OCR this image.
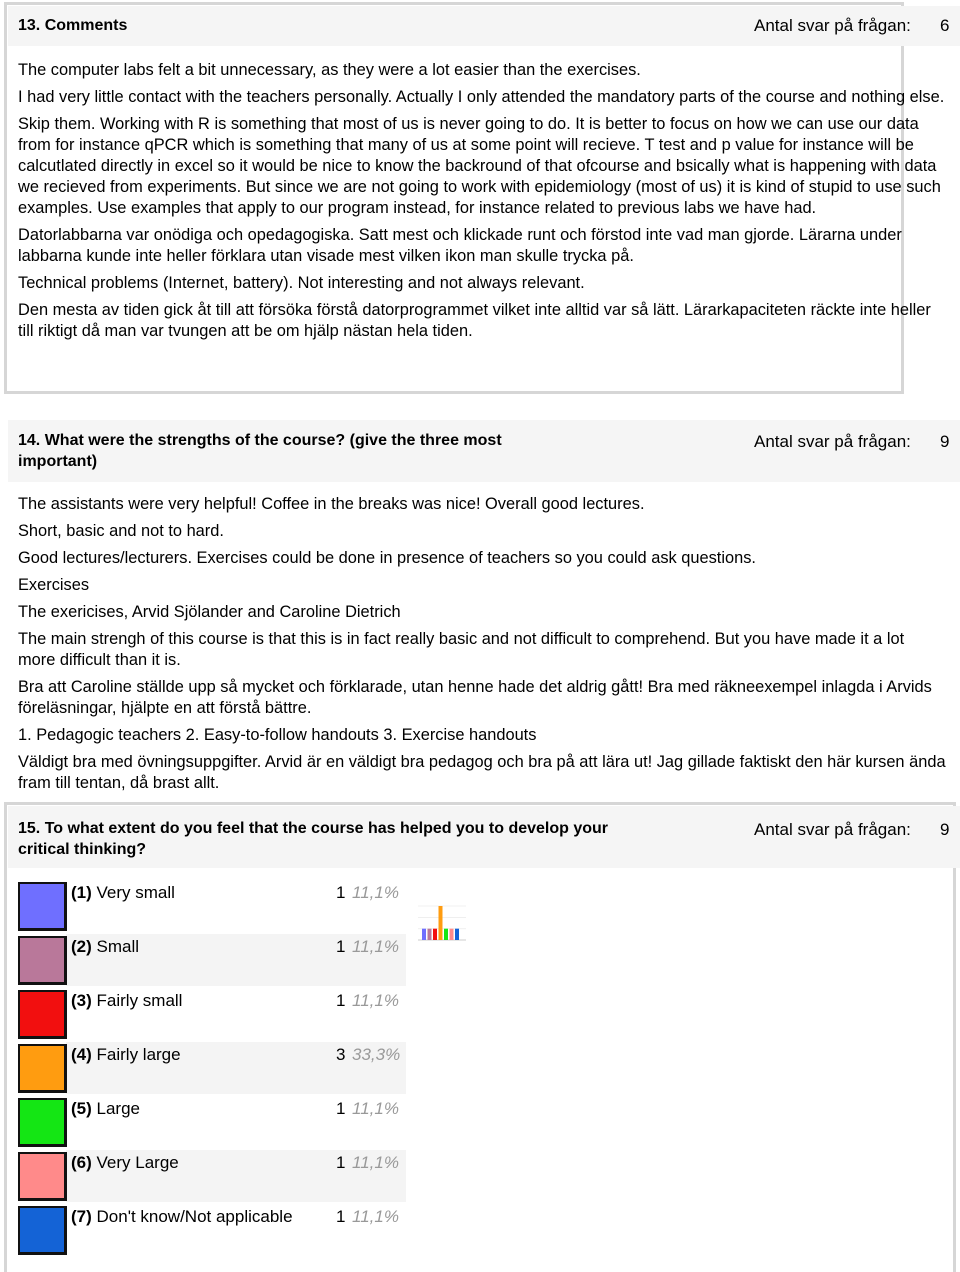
13. Comments	Antal svar på frågan: 6
The computer labs felt a bit unnecessary, as they were a lot easier than the exercises.
I had very little contact with the teachers personally. Actually I only attended the mandatory parts of the course and nothing else.
Skip them. Working with R is something that most of us is never going to do. It is better to focus on how we can use our data from for instance qPCR which is something that many of us at some point will recieve. T test and p value for instance will be calcutlated directly in excel so it would be nice to know the backround of that ofcourse and bsically what is happening with data we recieved from experiments. But since we are not going to work with epidemiology (most of us) it is kind of stupid to use such examples. Use examples that apply to our program instead, for instance related to previous labs we have had.
Datorlabbarna var onödiga och opedagogiska. Satt mest och klickade runt och förstod inte vad man gjorde. Lärarna under labbarna kunde inte heller förklara utan visade mest vilken ikon man skulle trycka på.
Technical problems (Internet, battery). Not interesting and not always relevant.
Den mesta av tiden gick åt till att försöka förstå datorprogrammet vilket inte alltid var så lätt. Lärarkapaciteten räckte inte heller till riktigt då man var tvungen att be om hjälp nästan hela tiden.
14. What were the strengths of the course? (give the three most important)
Antal svar på frågan: 9
The assistants were very helpful! Coffee in the breaks was nice! Overall good lectures.
Short, basic and not to hard.
Good lectures/lecturers. Exercises could be done in presence of teachers so you could ask questions.
Exercises
The exericises, Arvid Sjölander and Caroline Dietrich
The main strengh of this course is that this is in fact really basic and not difficult to comprehend. But you have made it a lot more difficult than it is.
Bra att Caroline ställde upp så mycket och förklarade, utan henne hade det aldrig gått! Bra med räkneexempel inlagda i Arvids föreläsningar, hjälpte en att förstå bättre.
1. Pedagogic teachers 2. Easy-to-follow handouts 3. Exercise handouts
Väldigt bra med övningsuppgifter. Arvid är en väldigt bra pedagog och bra på att lära ut! Jag gillade faktiskt den här kursen ända fram till tentan, då brast allt.
15. To what extent do you feel that the course has helped you to develop your critical thinking?
Antal svar på frågan: 9
(1) Very small	1 11,1%
(2) Small	1 11,1%
(3) Fairly small	1 11,1%
(4) Fairly large	3 33,3%
(5) Large	1 11,1%
(6) Very Large	1 11,1%
(7) Don't know/Not applicable	1 11,1%
